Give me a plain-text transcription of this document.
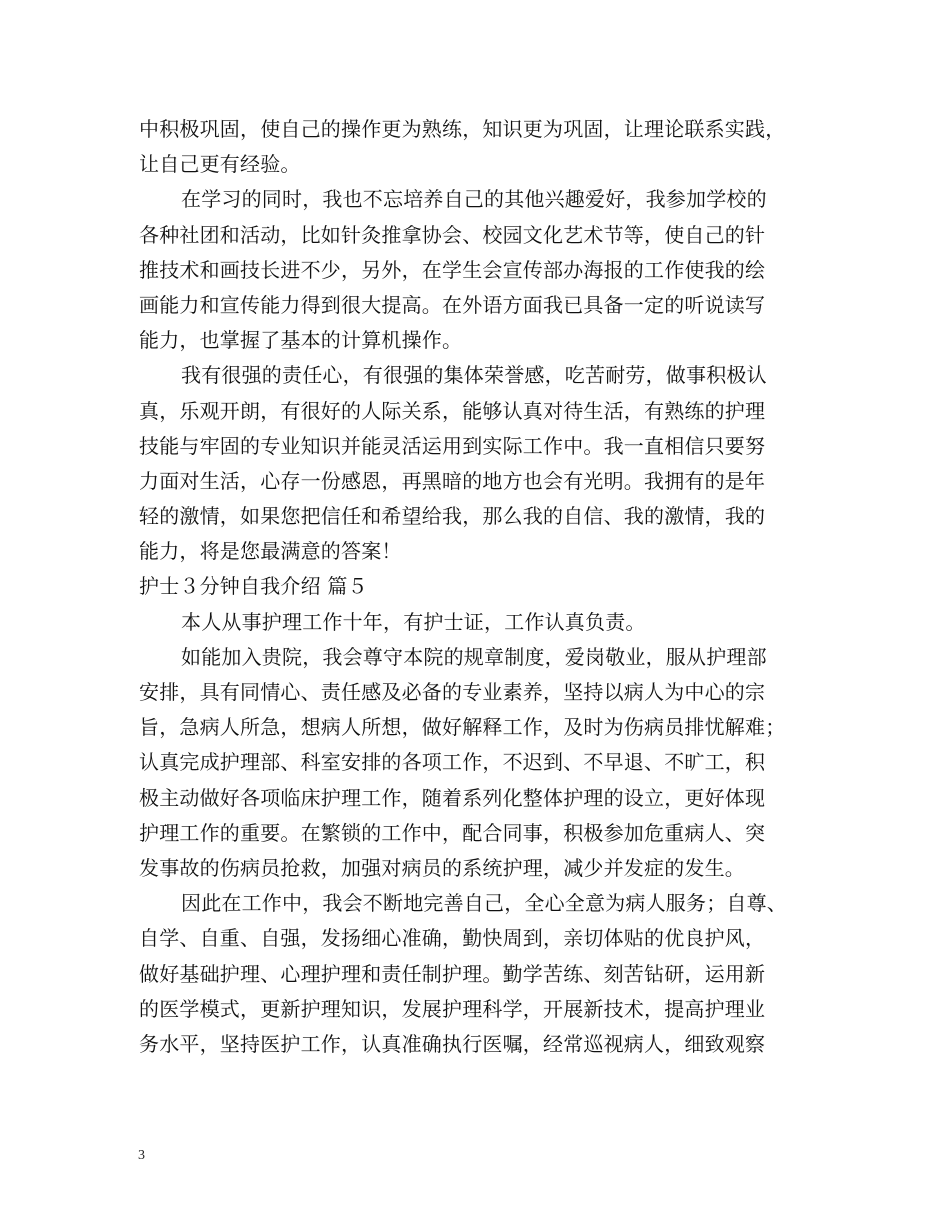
中积极巩固，使自己的操作更为熟练，知识更为巩固，让理论联系实践，
让自己更有经验。
在学习的同时，我也不忘培养自己的其他兴趣爱好，我参加学校的
各种社团和活动，比如针灸推拿协会、校园文化艺术节等，使自己的针
推技术和画技长进不少，另外，在学生会宣传部办海报的工作使我的绘
画能力和宣传能力得到很大提高。在外语方面我已具备一定的听说读写
能力，也掌握了基本的计算机操作。
我有很强的责任心，有很强的集体荣誉感，吃苦耐劳，做事积极认
真，乐观开朗，有很好的人际关系，能够认真对待生活，有熟练的护理
技能与牢固的专业知识并能灵活运用到实际工作中。我一直相信只要努
力面对生活，心存一份感恩，再黑暗的地方也会有光明。我拥有的是年
轻的激情，如果您把信任和希望给我，那么我的自信、我的激情，我的
能力，将是您最满意的答案！
护士３分钟自我介绍 篇５
本人从事护理工作十年，有护士证，工作认真负责。
如能加入贵院，我会尊守本院的规章制度，爱岗敬业，服从护理部
安排，具有同情心、责任感及必备的专业素养，坚持以病人为中心的宗
旨，急病人所急，想病人所想，做好解释工作，及时为伤病员排忧解难；
认真完成护理部、科室安排的各项工作，不迟到、不早退、不旷工，积
极主动做好各项临床护理工作，随着系列化整体护理的设立，更好体现
护理工作的重要。在繁锁的工作中，配合同事，积极参加危重病人、突
发事故的伤病员抢救，加强对病员的系统护理，减少并发症的发生。
因此在工作中，我会不断地完善自己，全心全意为病人服务；自尊、
自学、自重、自强，发扬细心准确，勤快周到，亲切体贴的优良护风，
做好基础护理、心理护理和责任制护理。勤学苦练、刻苦钻研，运用新
的医学模式，更新护理知识，发展护理科学，开展新技术，提高护理业
务水平，坚持医护工作，认真准确执行医嘱，经常巡视病人，细致观察
3
